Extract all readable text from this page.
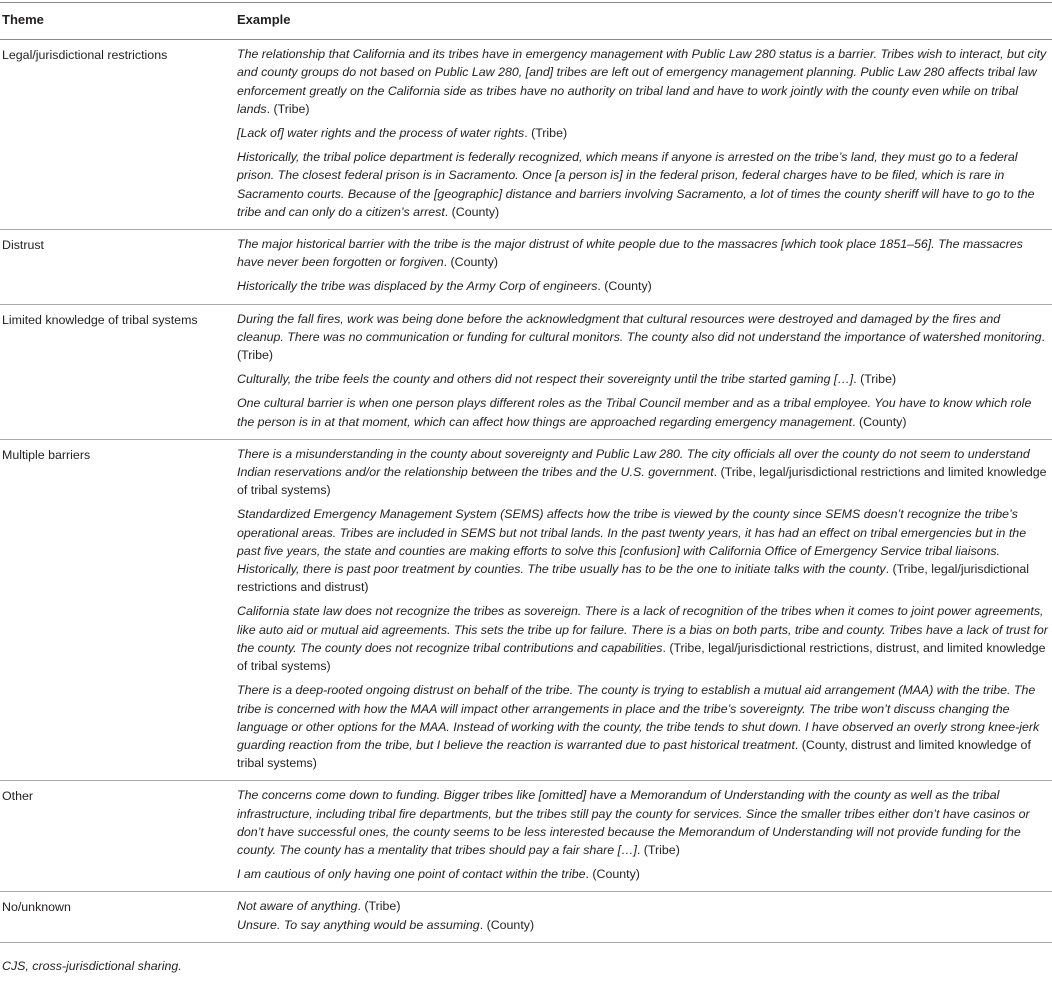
Theme	Example
Legal/jurisdictional restrictions	The relationship that California and its tribes have in emergency management with Public Law 280 status is a barrier. Tribes wish to interact, but city and county groups do not based on Public Law 280, [and] tribes are left out of emergency management planning. Public Law 280 affects tribal law enforcement greatly on the California side as tribes have no authority on tribal land and have to work jointly with the county even while on tribal lands. (Tribe)
[Lack of] water rights and the process of water rights. (Tribe)
Historically, the tribal police department is federally recognized, which means if anyone is arrested on the tribe’s land, they must go to a federal prison. The closest federal prison is in Sacramento. Once [a person is] in the federal prison, federal charges have to be filed, which is rare in Sacramento courts. Because of the [geographic] distance and barriers involving Sacramento, a lot of times the county sheriff will have to go to the tribe and can only do a citizen’s arrest. (County)

Distrust	The major historical barrier with the tribe is the major distrust of white people due to the massacres [which took place 1851–56]. The massacres have never been forgotten or forgiven. (County)
Historically the tribe was displaced by the Army Corp of engineers. (County)

Limited knowledge of tribal systems	During the fall fires, work was being done before the acknowledgment that cultural resources were destroyed and damaged by the fires and cleanup. There was no communication or funding for cultural monitors. The county also did not understand the importance of watershed monitoring. (Tribe)
Culturally, the tribe feels the county and others did not respect their sovereignty until the tribe started gaming […]. (Tribe)
One cultural barrier is when one person plays different roles as the Tribal Council member and as a tribal employee. You have to know which role the person is in at that moment, which can affect how things are approached regarding emergency management. (County)

Multiple barriers	There is a misunderstanding in the county about sovereignty and Public Law 280. The city officials all over the county do not seem to understand Indian reservations and/or the relationship between the tribes and the U.S. government. (Tribe, legal/jurisdictional restrictions and limited knowledge of tribal systems)
Standardized Emergency Management System (SEMS) affects how the tribe is viewed by the county since SEMS doesn’t recognize the tribe’s operational areas. Tribes are included in SEMS but not tribal lands. In the past twenty years, it has had an effect on tribal emergencies but in the past five years, the state and counties are making efforts to solve this [confusion] with California Office of Emergency Service tribal liaisons. Historically, there is past poor treatment by counties. The tribe usually has to be the one to initiate talks with the county. (Tribe, legal/jurisdictional restrictions and distrust)
California state law does not recognize the tribes as sovereign. There is a lack of recognition of the tribes when it comes to joint power agreements, like auto aid or mutual aid agreements. This sets the tribe up for failure. There is a bias on both parts, tribe and county. Tribes have a lack of trust for the county. The county does not recognize tribal contributions and capabilities. (Tribe, legal/jurisdictional restrictions, distrust, and limited knowledge of tribal systems)
There is a deep-rooted ongoing distrust on behalf of the tribe. The county is trying to establish a mutual aid arrangement (MAA) with the tribe. The tribe is concerned with how the MAA will impact other arrangements in place and the tribe’s sovereignty. The tribe won’t discuss changing the language or other options for the MAA. Instead of working with the county, the tribe tends to shut down. I have observed an overly strong knee-jerk guarding reaction from the tribe, but I believe the reaction is warranted due to past historical treatment. (County, distrust and limited knowledge of tribal systems)

Other	The concerns come down to funding. Bigger tribes like [omitted] have a Memorandum of Understanding with the county as well as the tribal infrastructure, including tribal fire departments, but the tribes still pay the county for services. Since the smaller tribes either don’t have casinos or don’t have successful ones, the county seems to be less interested because the Memorandum of Understanding will not provide funding for the county. The county has a mentality that tribes should pay a fair share […]. (Tribe)
I am cautious of only having one point of contact within the tribe. (County)

No/unknown	Not aware of anything. (Tribe)
Unsure. To say anything would be assuming. (County)
CJS, cross-jurisdictional sharing.
